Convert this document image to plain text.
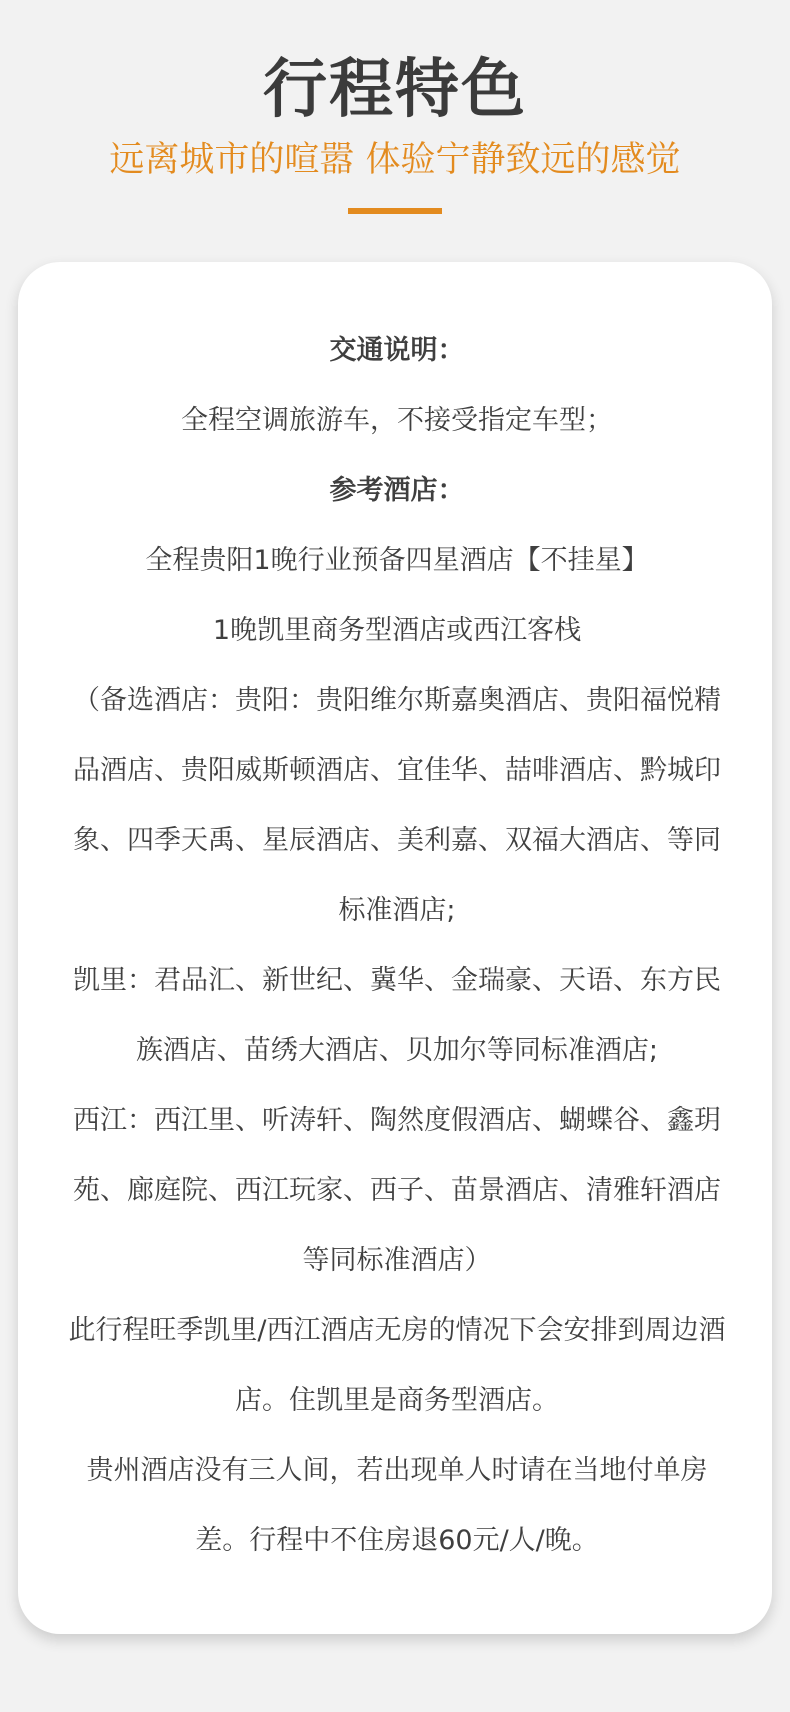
行程特色
远离城市的喧嚣 体验宁静致远的感觉

交通说明：

全程空调旅游车，不接受指定车型；

参考酒店：

全程贵阳1晚行业预备四星酒店【不挂星】

1晚凯里商务型酒店或西江客栈

（备选酒店：贵阳：贵阳维尔斯嘉奥酒店、贵阳福悦精品酒店、贵阳威斯顿酒店、宜佳华、喆啡酒店、黔城印象、四季天禹、星辰酒店、美利嘉、双福大酒店、等同标准酒店;

凯里：君品汇、新世纪、冀华、金瑞豪、天语、东方民族酒店、苗绣大酒店、贝加尔等同标准酒店;

西江：西江里、听涛轩、陶然度假酒店、蝴蝶谷、鑫玥苑、廊庭院、西江玩家、西子、苗景酒店、清雅轩酒店等同标准酒店）

此行程旺季凯里/西江酒店无房的情况下会安排到周边酒店。住凯里是商务型酒店。

贵州酒店没有三人间，若出现单人时请在当地付单房差。行程中不住房退60元/人/晚。
